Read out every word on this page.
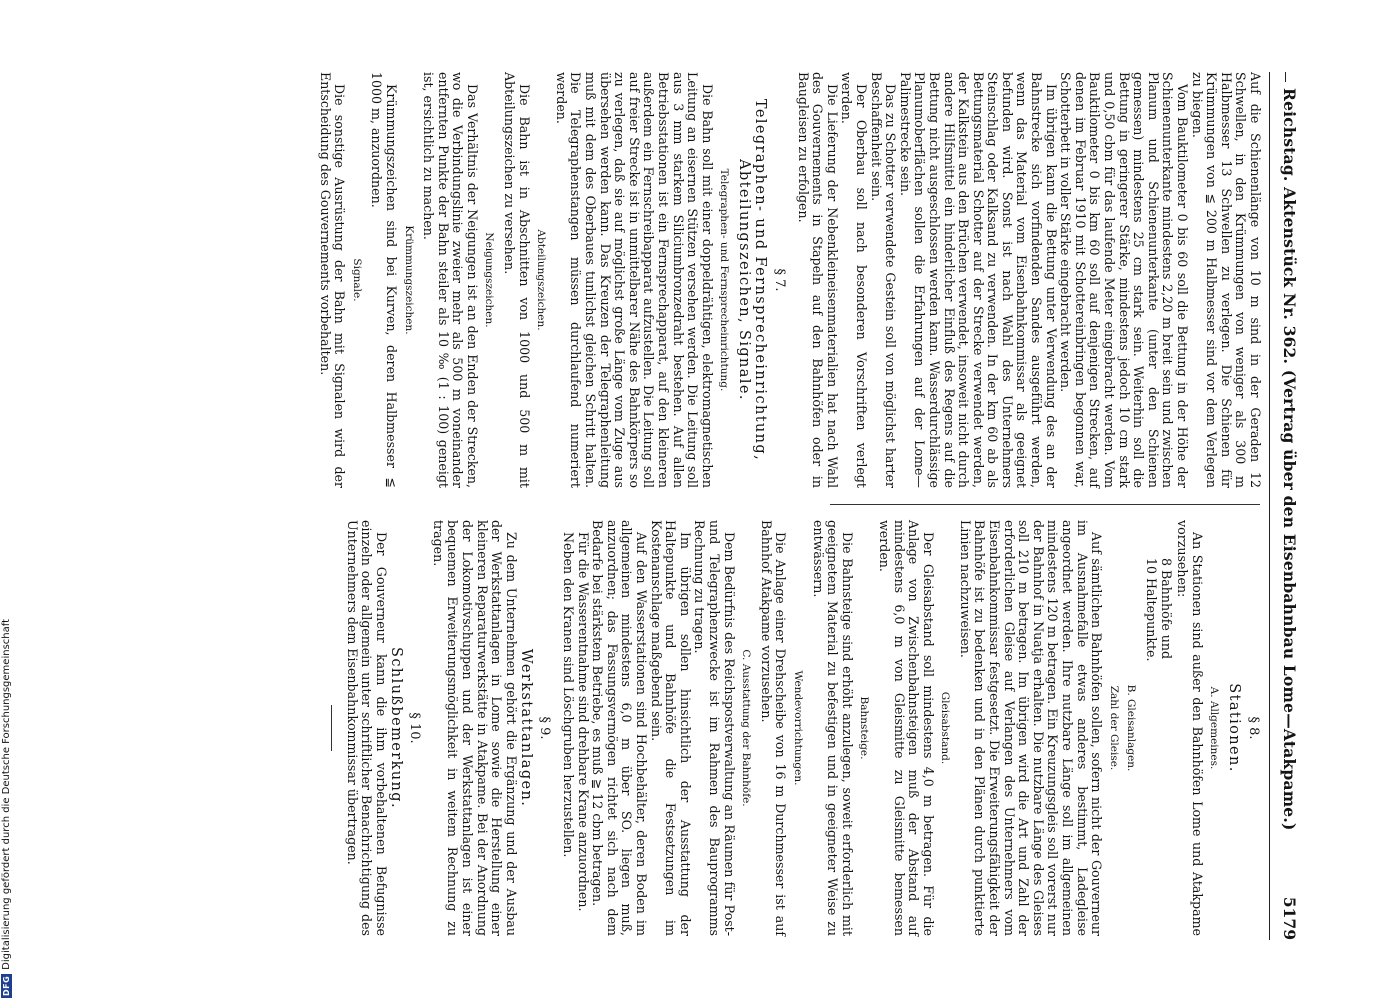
Reichstag. Aktenstück Nr. 362. (Vertrag über den Eisenbahnbau Lome—Atakpame.)
5179

Auf die Schienenlänge von 10 m sind in der Geraden 12 Schwellen, in den Krümmungen von weniger als 300 m Halbmesser 13 Schwellen zu verlegen. Die Schienen für Krümmungen von ≦ 200 m Halbmesser sind vor dem Verlegen zu biegen.

Vom Bauktilometer 0 bis 60 soll die Bettung in der Höhe der Schienenunterkante mindestens 2,20 m breit sein und zwischen Planum und Schienenunterkante (unter den Schienen gemessen) mindestens 25 cm stark sein. Weiterhin soll die Bettung in geringerer Stärke, mindestens jedoch 10 cm stark und 0,50 cbm für das laufende Meter eingebracht werden. Vom Bauktilometer 0 bis km 60 soll auf denjenigen Strecken, auf denen im Februar 1910 mit Schottereinbringen begonnen war, Schotterbett in voller Stärke eingebracht werden.

Im übrigen kann die Bettung unter Verwendung des an der Bahnstrecke sich vorfindenden Sandes ausgeführt werden, wenn das Material vom Eisenbahnkommissar als geeignet befunden wird. Sonst ist nach Wahl des Unternehmers Steinschlag oder Kalksand zu verwenden. In der km 60 ab als Bettungsmaterial Schotter auf der Strecke verwendet werden, der Kalkstein aus den Brüchen verwendet, insoweit nicht durch andere Hilfsmittel ein hinderlicher Einfluß des Regens auf die Bettung nicht ausgeschlossen werden kann. Wasserdurchlässige Planumoberflächen sollen die Erfahrungen auf der Lome—Palimestrecke sein.

Das zu Schotter verwendete Gestein soll von möglichst harter Beschaffenheit sein.

Der Oberbau soll nach besonderen Vorschriften verlegt werden.

Die Lieferung der Nebenkleineisenmaterialien hat nach Wahl des Gouvernements in Stapeln auf den Bahnhöfen oder in Baugleisen zu erfolgen.

§ 7.
Telegraphen- und Fernsprecheinrichtung,
Abteilungszeichen, Signale.
Telegraphen- und Fernsprecheinrichtung.

Die Bahn soll mit einer doppeldrähtigen, elektromagnetischen Leitung an eisernen Stützen versehen werden. Die Leitung soll aus 3 mm starkem Siliciumbronzedraht bestehen. Auf allen Betriebsstationen ist ein Fernsprechapparat, auf den kleineren außerdem ein Fernschreibapparat aufzustellen. Die Leitung soll auf freier Strecke ist in unmittelbarer Nähe des Bahnkörpers so zu verlegen, daß sie auf möglichst große Länge vom Zuge aus übersehen werden kann. Das Kreuzen der Telegraphenleitung muß mit dem des Oberbaues tunlichst gleichen Schritt halten. Die Telegraphenstangen müssen durchlaufend numeriert werden.

Abteilungszeichen.

Die Bahn ist in Abschnitten von 1000 und 500 m mit Abteilungszeichen zu versehen.

Neigungszeichen.

Das Verhältnis der Neigungen ist an den Enden der Strecken, wo die Verbindungslinie zweier mehr als 500 m voneinander entfernten Punkte der Bahn steiler als 10 ‰ (1 : 100) geneigt ist, ersichtlich zu machen.

Krümmungszeichen.

Krümmungszeichen sind bei Kurven, deren Halbmesser ≦ 1000 m, anzuordnen.

Signale.

Die sonstige Ausrüstung der Bahn mit Signalen wird der Entscheidung des Gouvernements vorbehalten.

§ 8.
Stationen.
A. Allgemeines.

An Stationen sind außer den Bahnhöfen Lome und Atakpame vorzusehen:

8 Bahnhöfe und
10 Haltepunkte.
B. Gleisanlagen.
Zahl der Gleise.

Auf sämtlichen Bahnhöfen sollen, sofern nicht der Gouverneur im Ausnahmefalle etwas anderes bestimmt, Ladegleise angeordnet werden. Ihre nutzbare Länge soll im allgemeinen mindestens 120 m betragen. Ein Kreuzungsgleis soll vorerst nur der Bahnhof in Nuatja erhalten. Die nutzbare Länge des Gleises soll 210 m betragen. Im übrigen wird die Art und Zahl der erforderlichen Gleise auf Verlangen des Unternehmers vom Eisenbahnkommissar festgesetzt. Die Erweiterungsfähigkeit der Bahnhöfe ist zu bedenken und in den Plänen durch punktierte Linien nachzuweisen.

Gleisabstand.

Der Gleisabstand soll mindestens 4,0 m betragen. Für die Anlage von Zwischenbahnsteigen muß der Abstand auf mindestens 6,0 m von Gleismitte zu Gleismitte bemessen werden.

Bahnsteige.

Die Bahnsteige sind erhöht anzulegen, soweit erforderlich mit geeignetem Material zu befestigen und in geeigneter Weise zu entwässern.

Wendevorrichtungen.

Die Anlage einer Drehscheibe von 16 m Durchmesser ist auf Bahnhof Atakpame vorzusehen.

C. Ausstattung der Bahnhöfe.

Dem Bedürfnis des Reichspostverwaltung an Räumen für Post- und Telegraphenzwecke ist im Rahmen des Bauprogramms Rechnung zu tragen.

Im übrigen sollen hinsichtlich der Ausstattung der Haltepunkte und Bahnhöfe die Festsetzungen im Kostenanschlage maßgebend sein.

Auf den Wasserstationen sind Hochbehälter, deren Boden im allgemeinen mindestens 6,0 m über SO. liegen muß, anzuordnen; das Fassungsvermögen richtet sich nach dem Bedarfe bei stärkstem Betriebe, es muß ≧ 12 cbm betragen.

Für die Wasserentnahme sind drehbare Krane anzuordnen.

Neben den Kranen sind Löschgruben herzustellen.

§ 9.
Werkstattanlagen.

Zu dem Unternehmen gehört die Ergänzung und der Ausbau der Werkstattanlagen in Lome sowie die Herstellung einer kleineren Reparaturwerkstätte in Atakpame. Bei der Anordnung der Lokomotivschuppen und der Werkstattanlagen ist einer bequemen Erweiterungsmöglichkeit in weitem Rechnung zu tragen.

§ 10.
Schlußbemerkung.

Der Gouverneur kann die ihm vorbehaltenen Befugnisse einzeln oder allgemein unter schriftlicher Benachrichtigung des Unternehmers dem Eisenbahnkommissar übertragen.

DFG
Digitalisierung gefördert durch die Deutsche Forschungsgemeinschaft
